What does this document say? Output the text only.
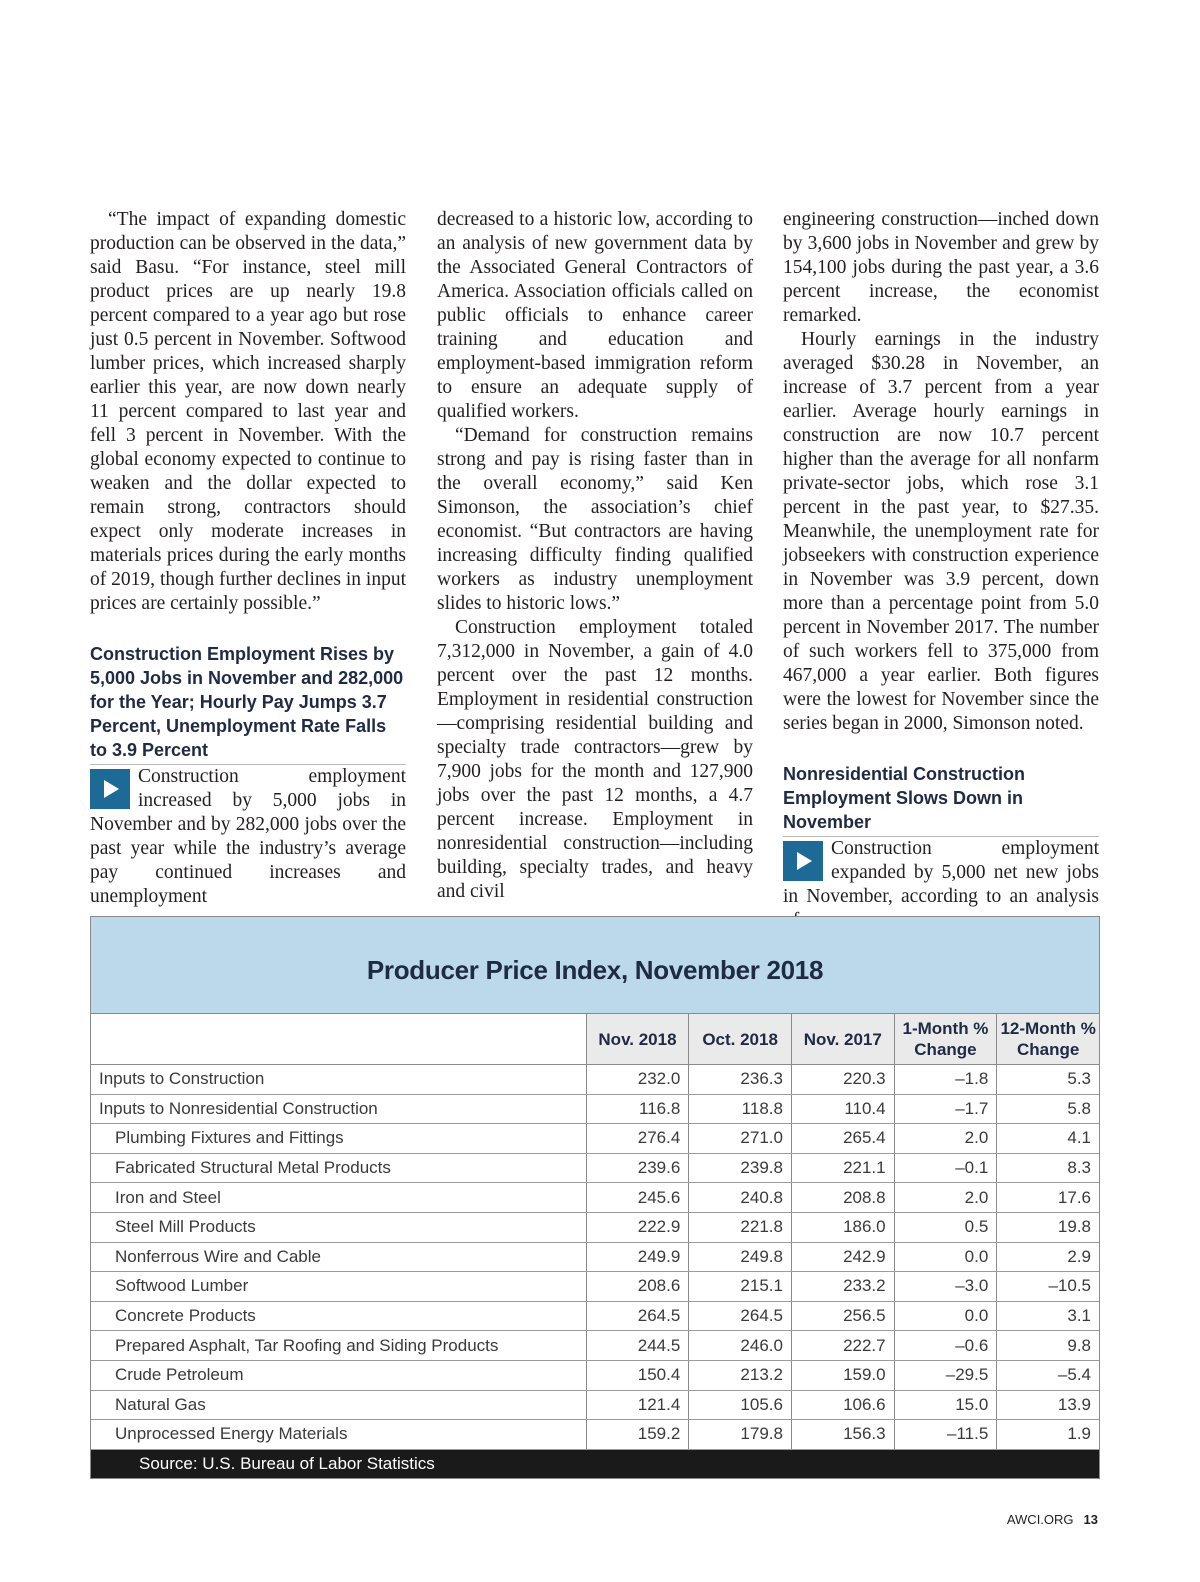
“The impact of expanding domestic production can be observed in the data,” said Basu. “For instance, steel mill product prices are up nearly 19.8 percent compared to a year ago but rose just 0.5 percent in November. Softwood lumber prices, which increased sharply earlier this year, are now down nearly 11 percent compared to last year and fell 3 percent in November. With the global economy expected to continue to weaken and the dollar expected to remain strong, contractors should expect only moderate increases in materials prices during the early months of 2019, though further declines in input prices are certainly possible.”

Construction Employment Rises by 5,000 Jobs in November and 282,000 for the Year; Hourly Pay Jumps 3.7 Percent, Unemployment Rate Falls to 3.9 Percent

Construction employment increased by 5,000 jobs in November and by 282,000 jobs over the past year while the industry’s average pay continued increases and unemployment

decreased to a historic low, according to an analysis of new government data by the Associated General Contractors of America. Association officials called on public officials to enhance career training and education and employment-based immigration reform to ensure an adequate supply of qualified workers.

“Demand for construction remains strong and pay is rising faster than in the overall economy,” said Ken Simonson, the association’s chief economist. “But contractors are having increasing difficulty finding qualified workers as industry unemployment slides to historic lows.”

Construction employment totaled 7,312,000 in November, a gain of 4.0 percent over the past 12 months. Employment in residential construction—comprising residential building and specialty trade contractors—grew by 7,900 jobs for the month and 127,900 jobs over the past 12 months, a 4.7 percent increase. Employment in nonresidential construction—including building, specialty trades, and heavy and civil

engineering construction—inched down by 3,600 jobs in November and grew by 154,100 jobs during the past year, a 3.6 percent increase, the economist remarked.

Hourly earnings in the industry averaged $30.28 in November, an increase of 3.7 percent from a year earlier. Average hourly earnings in construction are now 10.7 percent higher than the average for all nonfarm private-sector jobs, which rose 3.1 percent in the past year, to $27.35. Meanwhile, the unemployment rate for jobseekers with construction experience in November was 3.9 percent, down more than a percentage point from 5.0 percent in November 2017. The number of such workers fell to 375,000 from 467,000 a year earlier. Both figures were the lowest for November since the series began in 2000, Simonson noted.

Nonresidential Construction Employment Slows Down in November

Construction employment expanded by 5,000 net new jobs in November, according to an analysis

Producer Price Index, November 2018
	Nov. 2018	Oct. 2018	Nov. 2017	1-Month % Change	12-Month % Change
Inputs to Construction	232.0	236.3	220.3	–1.8	5.3
Inputs to Nonresidential Construction	116.8	118.8	110.4	–1.7	5.8
Plumbing Fixtures and Fittings	276.4	271.0	265.4	2.0	4.1
Fabricated Structural Metal Products	239.6	239.8	221.1	–0.1	8.3
Iron and Steel	245.6	240.8	208.8	2.0	17.6
Steel Mill Products	222.9	221.8	186.0	0.5	19.8
Nonferrous Wire and Cable	249.9	249.8	242.9	0.0	2.9
Softwood Lumber	208.6	215.1	233.2	–3.0	–10.5
Concrete Products	264.5	264.5	256.5	0.0	3.1
Prepared Asphalt, Tar Roofing and Siding Products	244.5	246.0	222.7	–0.6	9.8
Crude Petroleum	150.4	213.2	159.0	–29.5	–5.4
Natural Gas	121.4	105.6	106.6	15.0	13.9
Unprocessed Energy Materials	159.2	179.8	156.3	–11.5	1.9
Source: U.S. Bureau of Labor Statistics
AWCI.ORG 13
